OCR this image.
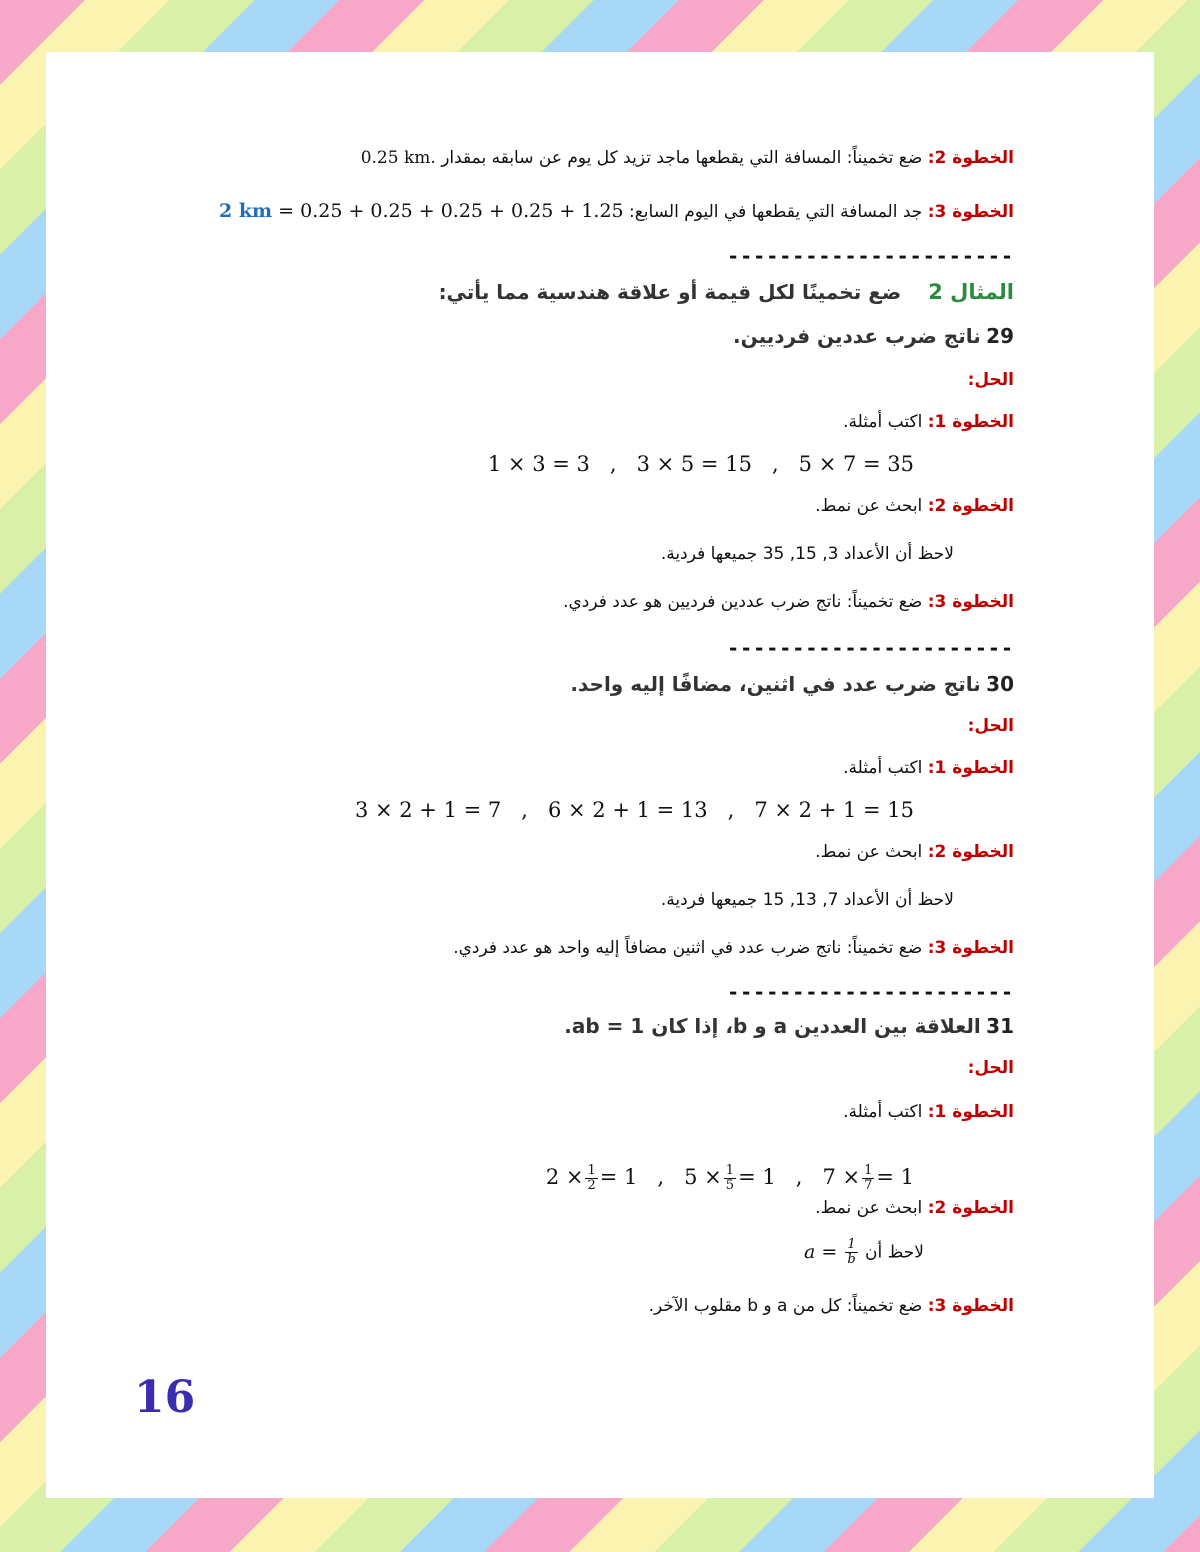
الخطوة 2: ضع تخميناً: المسافة التي يقطعها ماجد تزيد كل يوم عن سابقه بمقدار 0.25 km.
الخطوة 3: جد المسافة التي يقطعها في اليوم السابع: 2 km = 0.25 + 0.25 + 0.25 + 0.25 + 1.25
----------------------
المثال 2     ضع تخمينًا لكل قيمة أو علاقة هندسية مما يأتي:
29 ناتج ضرب عددين فرديين.
الحل:
الخطوة 1: اكتب أمثلة.
1 × 3 = 3   ,   3 × 5 = 15   ,   5 × 7 = 35
الخطوة 2: ابحث عن نمط.
لاحظ أن الأعداد 3, 15, 35 جميعها فردية.
الخطوة 3: ضع تخميناً: ناتج ضرب عددين فرديين هو عدد فردي.
----------------------
30 ناتج ضرب عدد في اثنين، مضافًا إليه واحد.
الحل:
الخطوة 1: اكتب أمثلة.
3 × 2 + 1 = 7   ,   6 × 2 + 1 = 13   ,   7 × 2 + 1 = 15
الخطوة 2: ابحث عن نمط.
لاحظ أن الأعداد 7, 13, 15 جميعها فردية.
الخطوة 3: ضع تخميناً: ناتج ضرب عدد في اثنين مضافاً إليه واحد هو عدد فردي.
----------------------
31 العلاقة بين العددين a و b، إذا كان ab = 1.
الحل:
الخطوة 1: اكتب أمثلة.

$2 \times \frac{1}{2} = 1$   ,   $5 \times \frac{1}{5} = 1$   ,   $7 \times \frac{1}{7} = 1$

الخطوة 2: ابحث عن نمط.
لاحظ أن $a = \frac{1}{b}$
الخطوة 3: ضع تخميناً: كل من a و b مقلوب الآخر.
16
